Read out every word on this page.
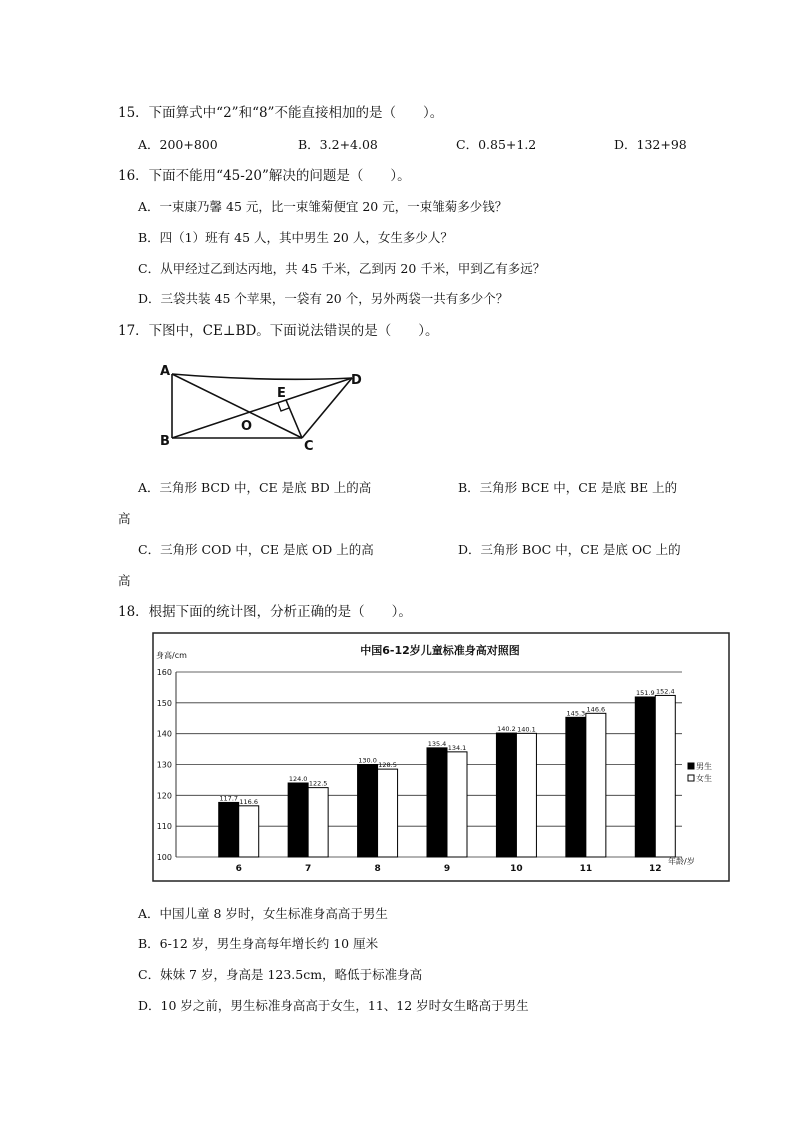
15．下面算式中“2”和“8”不能直接相加的是（　　）。
A．200+800	B．3.2+4.08	C．0.85+1.2	D．132+98
16．下面不能用“45-20”解决的问题是（　　）。
A．一束康乃馨 45 元，比一束雏菊便宜 20 元，一束雏菊多少钱？
B．四（1）班有 45 人，其中男生 20 人，女生多少人？
C．从甲经过乙到达丙地，共 45 千米，乙到丙 20 千米，甲到乙有多远？
D．三袋共装 45 个苹果，一袋有 20 个，另外两袋一共有多少个？
17．下图中，CE⊥BD。下面说法错误的是（　　）。
A
B	C
D
E
O
A．三角形 BCD 中，CE 是底 BD 上的高	B．三角形 BCE 中，CE 是底 BE 上的
高
C．三角形 COD 中，CE 是底 OD 上的高	D．三角形 BOC 中，CE 是底 OC 上的
高
18．根据下面的统计图，分析正确的是（　　）。
中国6-12岁儿童标准身高对照图
身高/cm
年龄/岁
100
110
120
130
140
150
160
117.7 116.6
6
124.0
122.5
7
130.0
128.5
8
135.4
134.1
9
140.2 140.1
10
145.3
146.6
11
151.9 152.4
12
男生
女生
A．中国儿童 8 岁时，女生标准身高高于男生
B．6-12 岁，男生身高每年增长约 10 厘米
C．妹妹 7 岁，身高是 123.5cm，略低于标准身高
D．10 岁之前，男生标准身高高于女生，11、12 岁时女生略高于男生
